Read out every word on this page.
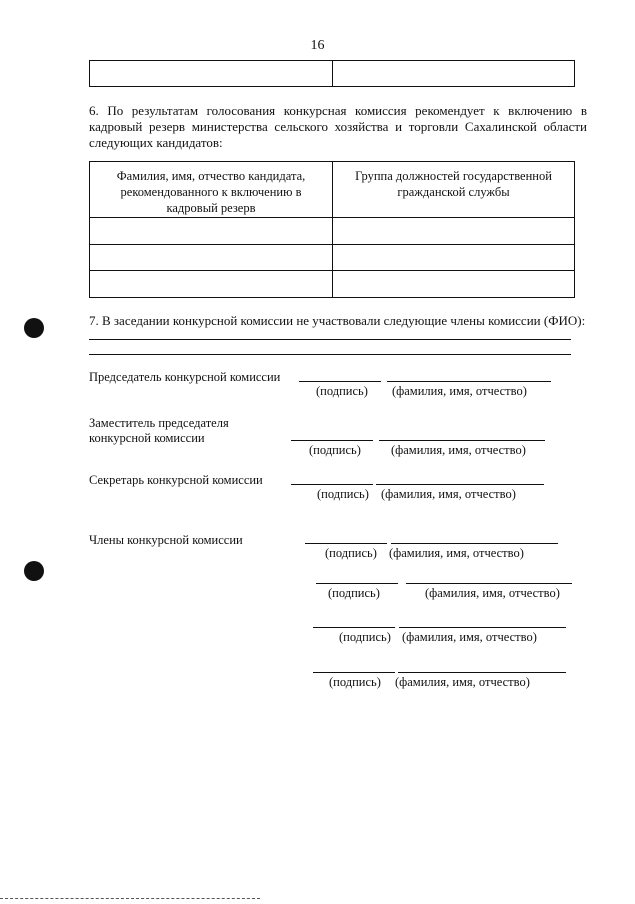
16

6. По результатам голосования конкурсная комиссия рекомендует к включению в кадровый резерв министерства сельского хозяйства и торговли Сахалинской области следующих кандидатов:
Фамилия, имя, отчество кандидата, рекомендованного к включению в кадровый резерв	Группа должностей государственной гражданской службы

7. В заседании конкурсной комиссии не участвовали следующие члены комиссии (ФИО):
Председатель конкурсной комиссии
(подпись) (фамилия, имя, отчество)
Заместитель председателя конкурсной комиссии
(подпись) (фамилия, имя, отчество)
Секретарь конкурсной комиссии
(подпись) (фамилия, имя, отчество)
Члены конкурсной комиссии
(подпись) (фамилия, имя, отчество)
(подпись)	(фамилия, имя, отчество)
(подпись) (фамилия, имя, отчество)
(подпись) (фамилия, имя, отчество)
